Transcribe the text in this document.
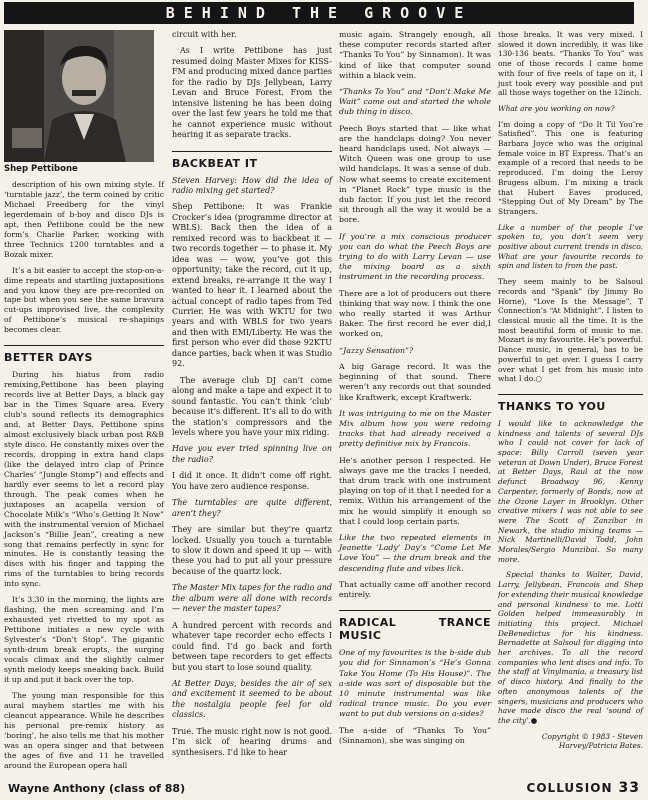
BEHIND THE GROOVE
Shep Pettibone

description of his own mixing style. If ‘turntable jazz’, the term coined by critic Michael Freedberg for the vinyl legerdemain of b-boy and disco DJs is apt, then Pettibone could be the new form’s Charlie Parker, working with three Technics 1200 turntables and a Bozak mixer.

It’s a bit easier to accept the stop-on-a-dime repeats and startling juxtapositions and you know they are pre-recorded on tape but when you see the same bravura cut-ups improvised live, the complexity of Pettibone’s musical re-shapings becomes clear.

BETTER DAYS

During his hiatus from radio remixing,Pettibone has been playing records live at Better Days, a black gay bar in the Times Square area. Every club’s sound reflects its demographics and, at Better Days, Pettibone spins almost exclusively black urban post R&B style disco. He constantly mixes over the records, dropping in extra hand claps (like the delayed intro clap of Prince Charles’ “Jungle Stomp”) and effects and hardly ever seems to let a record play through. The peak comes when he juxtaposes an acapella version of Chocolate Milk’s “Who’s Getting It Now” with the instrumental version of Michael Jackson’s “Billie Jean”, creating a new song that remains perfectly in sync for minutes. He is constantly teasing the discs with his finger and tapping the rims of the turntables to bring records into sync.

It’s 3.30 in the morning, the lights are flashing, the men screaming and I’m exhausted yet rivetted to my spot as Pettibone initiates a new cycle with Sylvester’s “Don’t Stop”. The gigantic synth-drum break erupts, the surging vocals climax and the slightly calmer synth melody keeps sneaking back. Build it up and put it back over the top.

The young man responsible for this aural mayhem startles me with his cleancut appearance. While he describes his personal pre-remix history as ‘boring’, he also tells me that his mother was an opera singer and that between the ages of five and 11 he travelled around the European opera hall

circuit with her.

As I write Pettibone has just resumed doing Master Mixes for KISS-FM and producing mixed dance parties for the radio by DJs Jellybean, Larry Levan and Bruce Forest. From the intensive listening he has been doing over the last few years he told me that he cannot experience music without hearing it as separate tracks.

BACKBEAT IT

Steven Harvey: How did the idea of radio mixing get started?

Shep Pettibone: It was Frankie Crocker’s idea (programme director at WBLS). Back then the idea of a remixed record was to backbeat it — two records together — to phase it. My idea was — wow, you’ve got this opportunity; take the record, cut it up, extend breaks, re-arrange it the way I wanted to hear it. I learned about the actual concept of radio tapes from Ted Currier. He was with WKTU for two years and with WBLS for two years and then with EMI/Liberty. He was the first person who ever did those 92KTU dance parties, back when it was Studio 92.

The average club DJ can’t come along and make a tape and expect it to sound fantastic. You can’t think ‘club’ because it’s different. It’s all to do with the station’s compressors and the levels where you have your mix riding.

Have you ever tried spinning live on the radio?

I did it once. It didn’t come off right. You have zero audience response.

The turntables are quite different, aren’t they?

They are similar but they’re quartz locked. Usually you touch a turntable to slow it down and speed it up — with these you had to put all your pressure because of the quartz lock.

The Master Mix tapes for the radio and the album were all done with records — never the master tapes?

A hundred percent with records and whatever tape recorder echo effects I could find. I’d go back and forth between tape recorders to get effects but you start to lose sound quality.

At Better Days, besides the air of sex and excitement it seemed to be about the nostalgia people feel for old classics.

True. The music right now is not good. I’m sick of hearing drums and synthesisers. I’d like to hear

music again. Strangely enough, all these computer records started after “Thanks To You” by Sinnamon). It was kind of like that computer sound within a black vein.

“Thanks To You” and “Don’t Make Me Wait” came out and started the whole dub thing in disco.

Peech Boys started that — like what are the handclaps doing? You never heard handclaps used. Not always — Witch Queen was one group to use wild handclaps. It was a sense of dub. Now what seems to create excitement in “Planet Rock” type music is the dub factor. If you just let the record sit through all the way it would be a bore.

If you’re a mix conscious producer you can do what the Peech Boys are trying to do with Larry Levan — use the mixing board as a sixth instrument in the recording process.

There are a lot of producers out there thinking that way now. I think the one who really started it was Arthur Baker. The first record he ever did,I worked on,

“Jazzy Sensation”?

A big Garage record. It was the beginning of that sound. There weren’t any records out that sounded like Kraftwerk, except Kraftwerk.

It was intriguing to me on the Master Mix album how you were redoing tracks that had already received a pretty definitive mix by Francois.

He’s another person I respected. He always gave me the tracks I needed, that drum track with one instrument playing on top of it that I needed for a remix. Within his arrangement of the mix he would simplify it enough so that I could loop certain parts.

Like the two repeated elements in Jeanette ‘Lady’ Day’s “Come Let Me Love You” — the drum break and the descending flute and vibes lick.

That actually came off another record entirely.

RADICAL TRANCE MUSIC

One of my favourites is the b-side dub you did for Sinnamon’s “He’s Gonna Take You Home (To His House)”. The a-side was sort of disposable but the 10 minute instrumental was like radical trance music. Do you ever want to put dub versions on a-sides?

The a-side of “Thanks To You” (Sinnamon), she was singing on

those breaks. It was very mixed. I slowed it down incredibly, it was like 130-136 beats. “Thanks To You” was one of those records I came home with four of five reels of tape on it, I just took every way possible and put all those ways together on the 12inch.

What are you working on now?

I’m doing a copy of “Do It Til You’re Satisfied”. This one is featuring Barbara Joyce who was the original female voice in BT Express. That’s an example of a record that needs to be reproduced. I’m doing the Leroy Brugess album. I’m mixing a track that Hubert Eaves produced, “Stepping Out of My Dream” by The Strangers.

Like a number of the people I’ve spoken to, you don’t seem very positive about current trends in disco. What are your favourite records to spin and listen to from the past.

They seem mainly to be Salsoul records and “Spank” (by Jimmy Bo Horne), “Love Is the Message”, T Connection’s “At Midnight”. I listen to classical music all the time. It is the most beautiful form of music to me. Mozart is my favourite. He’s powerful. Dance music, in general, has to be powerful to get over. I guess I carry over what I get from his music into what I do.○

THANKS TO YOU

I would like to acknowledge the kindness and talents of several DJs who I could not cover for lack of space: Billy Carroll (seven year veteran at Down Under), Bruce Forest at Better Days, Raul at the now defunct Broadway 96, Kenny Carpenter, formerly of Bonds, now at the Ozone Layer in Brooklyn. Other creative mixers I was not able to see were The Scott of Zanzibar in Newark, the studio mixing teams — Nick Martinelli/David Todd, John Morales/Sergio Munzibai. So many more.

Special thanks to Walter, David, Larry, Jellybean, Francois and Shep for extending their musical knowledge and personal kindness to me. Lotti Golden helped immeasurably in initiating this project. Michael DeBenedictus for his kindness. Bernadette at Salsoul for digging into her archives. To all the record companies who lent discs and info. To the staff at Vinylmania, a treasury list of disco history. And finally to the often anonymous talents of the singers, musicians and producers who have made disco the real ‘sound of the city’.●

Copyright © 1983 - Steven Harvey/Patricia Bates.

Wayne Anthony (class of 88)	COLLUSION 33
